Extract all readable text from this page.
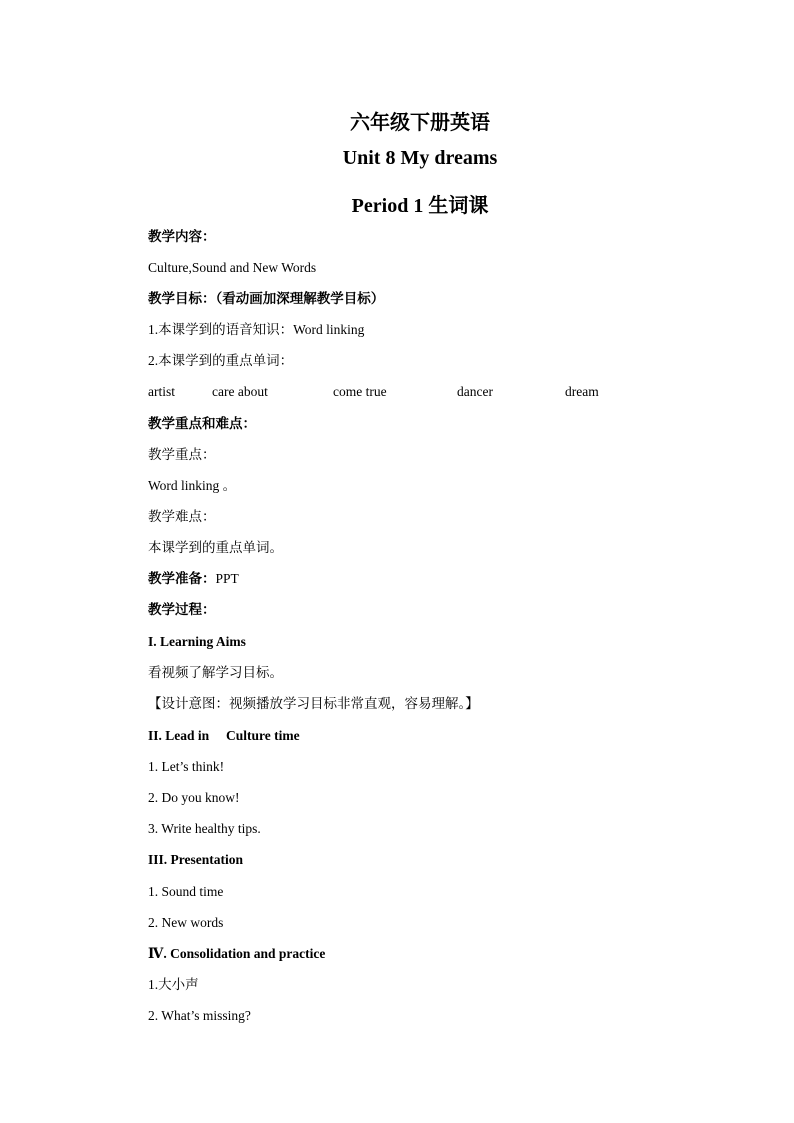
六年级下册英语
Unit 8 My dreams
Period 1 生词课
教学内容：
Culture,Sound and New Words
教学目标：（看动画加深理解教学目标）
1.本课学到的语音知识：Word linking
2.本课学到的重点单词：
artist	care about	come true	dancer	dream
教学重点和难点：
教学重点：
Word linking 。
教学难点：
本课学到的重点单词。
教学准备：PPT
教学过程：
I. Learning Aims
看视频了解学习目标。
【设计意图：视频播放学习目标非常直观，容易理解。】
II. Lead in     Culture time
1. Let’s think!
2. Do you know!
3. Write healthy tips.
III. Presentation
1. Sound time
2. New words
Ⅳ. Consolidation and practice
1.大小声
2. What’s missing?
